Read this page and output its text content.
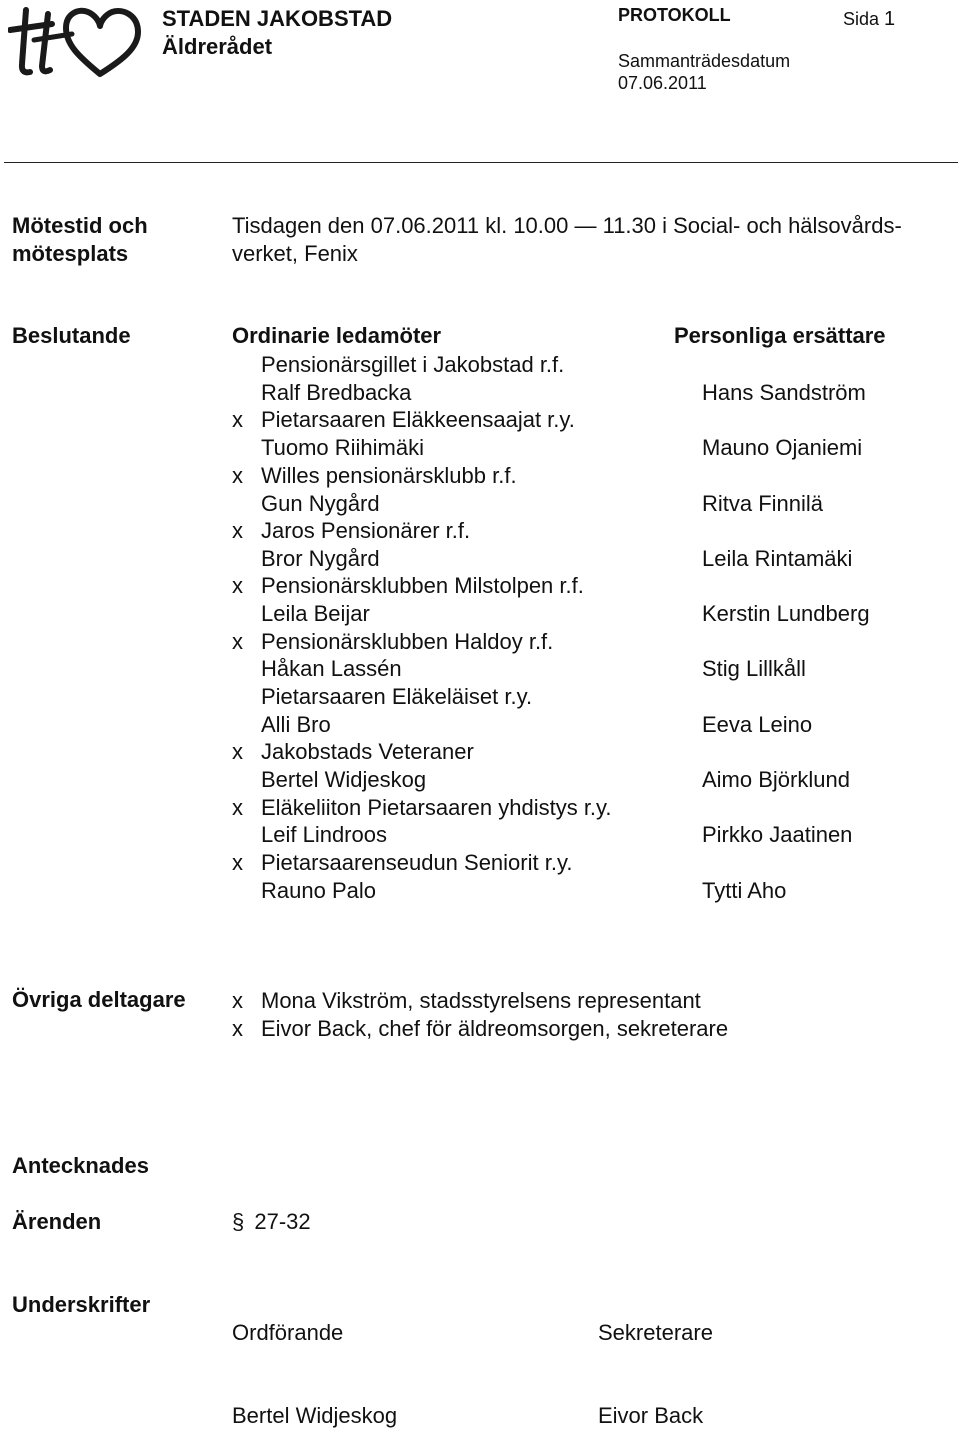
STADEN JAKOBSTAD
Äldrerådet
PROTOKOLL	Sida 1
Sammanträdesdatum
07.06.2011
Mötestid och
mötesplats
Tisdagen den 07.06.2011 kl. 10.00 — 11.30 i Social- och hälsovårds-
verket, Fenix
Beslutande	Ordinarie ledamöter	Personliga ersättare
Pensionärsgillet i Jakobstad r.f.
Ralf Bredbacka	Hans Sandström
x Pietarsaaren Eläkkeensaajat r.y.
Tuomo Riihimäki	Mauno Ojaniemi
x Willes pensionärsklubb r.f.
Gun Nygård	Ritva Finnilä
x Jaros Pensionärer r.f.
Bror Nygård	Leila Rintamäki
x Pensionärsklubben Milstolpen r.f.
Leila Beijar	Kerstin Lundberg
x Pensionärsklubben Haldoy r.f.
Håkan Lassén	Stig Lillkåll
Pietarsaaren Eläkeläiset r.y.
Alli Bro	Eeva Leino
x Jakobstads Veteraner
Bertel Widjeskog	Aimo Björklund
x Eläkeliiton Pietarsaaren yhdistys r.y.
Leif Lindroos	Pirkko Jaatinen
x Pietarsaarenseudun Seniorit r.y.
Rauno Palo	Tytti Aho
Övriga deltagare x Mona Vikström, stadsstyrelsens representant
x Eivor Back, chef för äldreomsorgen, sekreterare
Antecknades
Ärenden	§ 27-32
Underskrifter
Ordförande	Sekreterare
Bertel Widjeskog	Eivor Back
